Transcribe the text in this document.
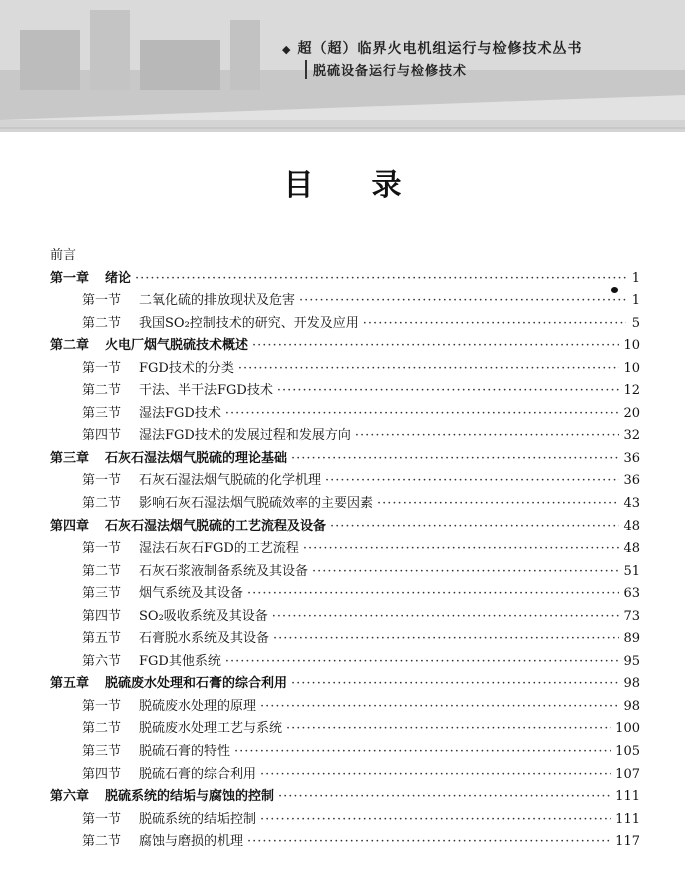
◆ 超（超）临界火电机组运行与检修技术丛书
脱硫设备运行与检修技术
目录
前言
第一章 绪论 ·····	1
第一节 二氧化硫的排放现状及危害 ·····	1
第二节 我国SO₂控制技术的研究、开发及应用 ·····	5
第二章 火电厂烟气脱硫技术概述 ·····	10
第一节 FGD技术的分类 ·····	10
第二节 干法、半干法FGD技术 ·····	12
第三节 湿法FGD技术 ·····	20
第四节 湿法FGD技术的发展过程和发展方向 ·····	32
第三章 石灰石湿法烟气脱硫的理论基础 ·····	36
第一节 石灰石湿法烟气脱硫的化学机理 ·····	36
第二节 影响石灰石湿法烟气脱硫效率的主要因素 ·····	43
第四章 石灰石湿法烟气脱硫的工艺流程及设备 ·····	48
第一节 湿法石灰石FGD的工艺流程 ·····	48
第二节 石灰石浆液制备系统及其设备 ·····	51
第三节 烟气系统及其设备 ·····	63
第四节 SO₂吸收系统及其设备 ·····	73
第五节 石膏脱水系统及其设备 ·····	89
第六节 FGD其他系统 ·····	95
第五章 脱硫废水处理和石膏的综合利用 ·····	98
第一节 脱硫废水处理的原理 ·····	98
第二节 脱硫废水处理工艺与系统 ·····	100
第三节 脱硫石膏的特性 ·····	105
第四节 脱硫石膏的综合利用 ·····	107
第六章 脱硫系统的结垢与腐蚀的控制 ·····	111
第一节 脱硫系统的结垢控制 ·····	111
第二节 腐蚀与磨损的机理 ·····	117
